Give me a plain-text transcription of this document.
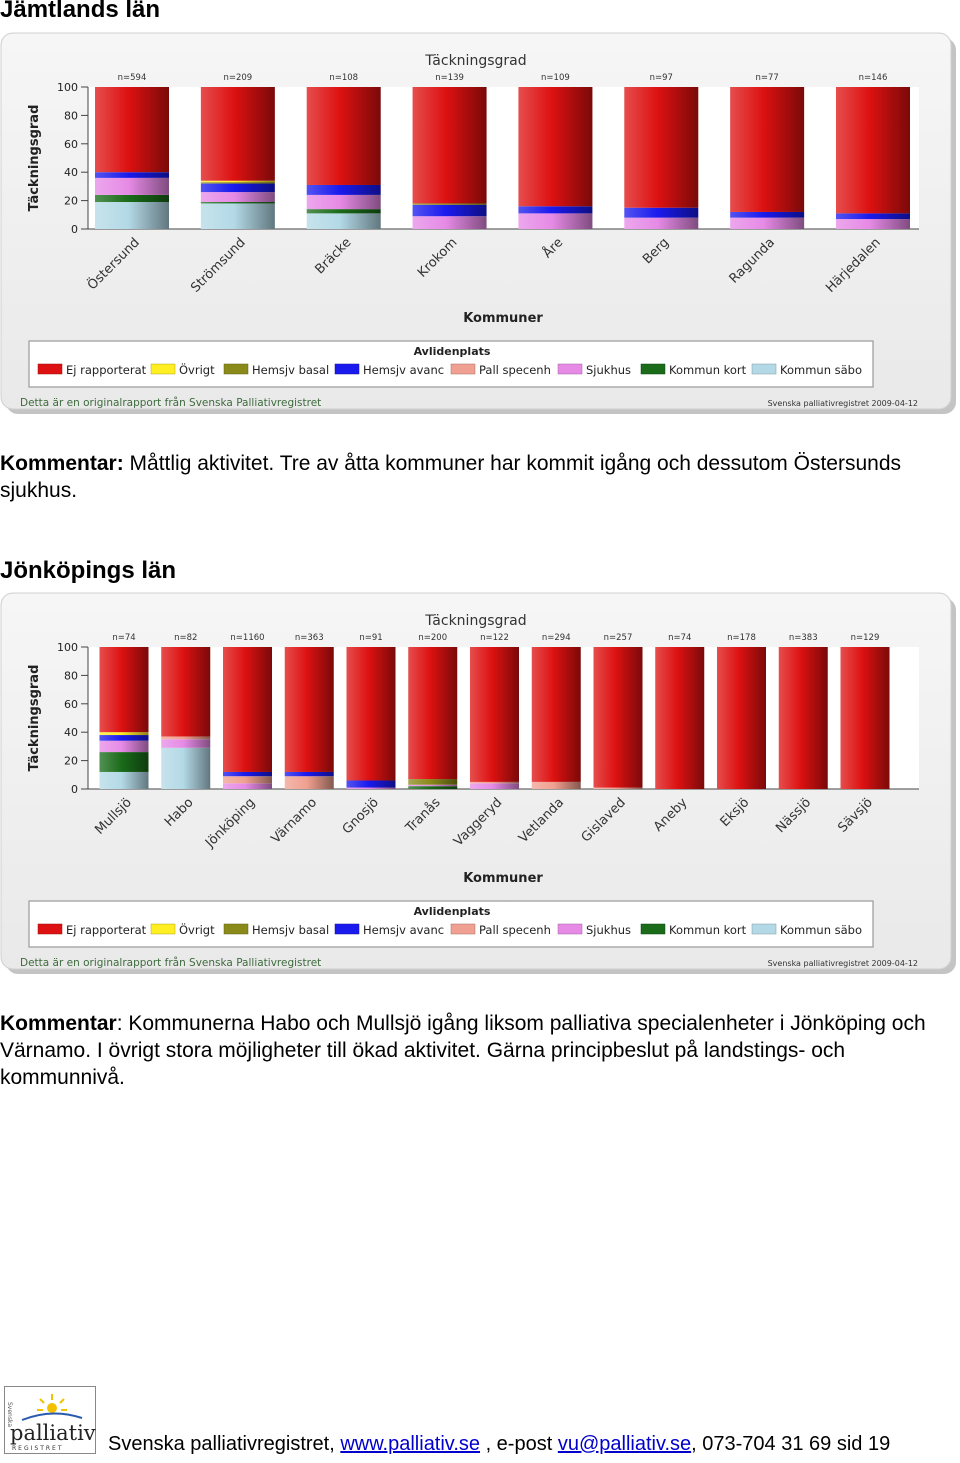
Jämtlands län
Täckningsgrad
Täckningsgrad
0
20
40
60
80
100
n=594
Östersund
n=209
Strömsund
n=108
Bräcke
n=139
Krokom
n=109
Åre
n=97
Berg
n=77
Ragunda
n=146
Härjedalen
Kommuner
Avlidenplats
Ej rapporterat	Övrigt	Hemsjv basal	Hemsjv avanc	Pall specenh	Sjukhus	Kommun kort	Kommun säbo
Detta är en originalrapport från Svenska Palliativregistret	Svenska palliativregistret 2009-04-12

Kommentar: Måttlig aktivitet. Tre av åtta kommuner har kommit igång och dessutom Östersunds sjukhus.

Jönköpings län
Täckningsgrad
Täckningsgrad
0
20
40
60
80
100
n=74
Mullsjö
n=82
Habo
n=1160
Jönköping
n=363
Värnamo
n=91
Gnosjö
n=200
Tranås
n=122
Vaggeryd
n=294
Vetlanda
n=257
Gislaved
n=74
Aneby
n=178
Eksjö
n=383
Nässjö
n=129
Sävsjö
Kommuner
Avlidenplats
Ej rapporterat	Övrigt	Hemsjv basal	Hemsjv avanc	Pall specenh	Sjukhus	Kommun kort	Kommun säbo
Detta är en originalrapport från Svenska Palliativregistret	Svenska palliativregistret 2009-04-12

Kommentar: Kommunerna Habo och Mullsjö igång liksom palliativa specialenheter i Jönköping och Värnamo. I övrigt stora möjligheter till ökad aktivitet. Gärna principbeslut på landstings- och kommunnivå.

Svenska
palliativ
REGISTRET Svenska palliativregistret, www.palliativ.se , e-post vu@palliativ.se, 073-704 31 69 sid 19
